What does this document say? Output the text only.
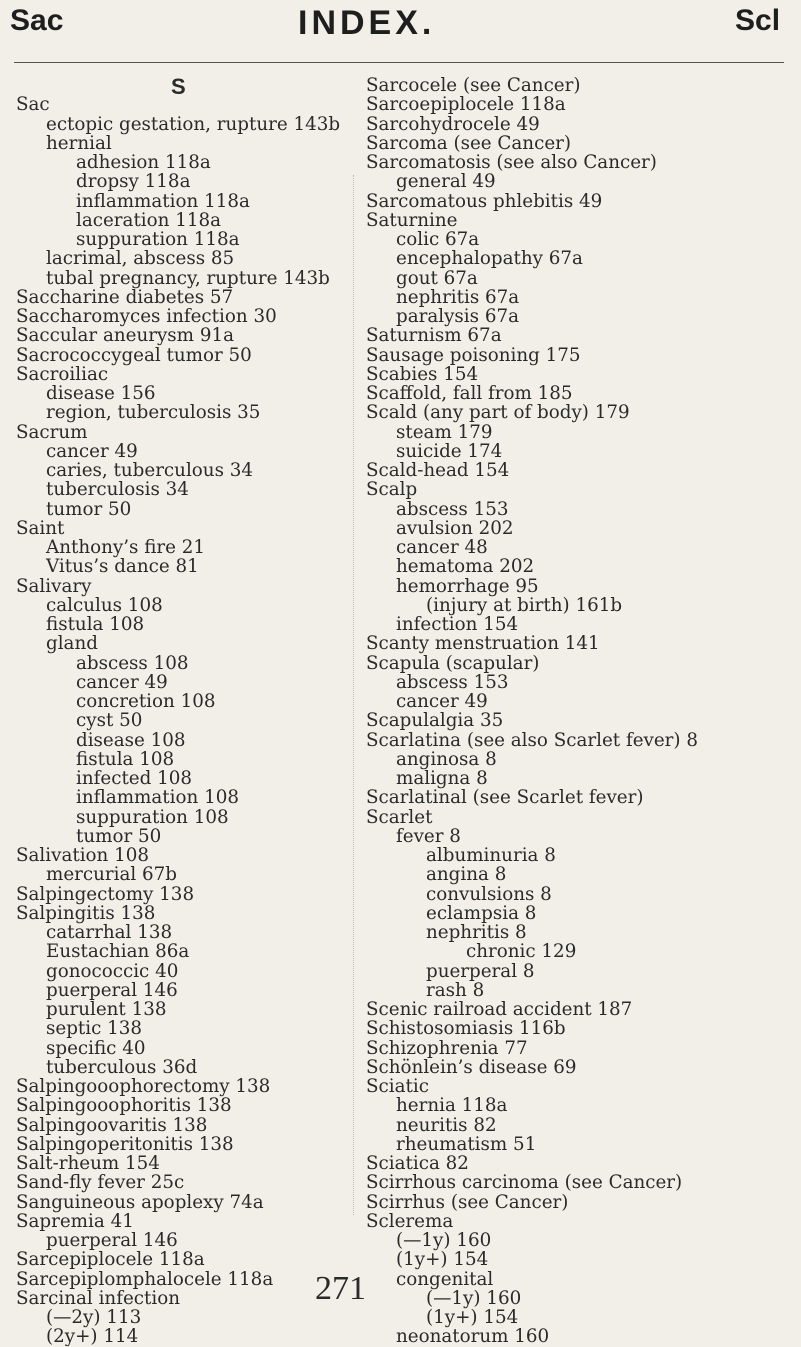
Sac	INDEX.	Scl
S
Sac
ectopic gestation, rupture 143b
hernial
adhesion 118a
dropsy 118a
inflammation 118a
laceration 118a
suppuration 118a
lacrimal, abscess 85
tubal pregnancy, rupture 143b
Saccharine diabetes 57
Saccharomyces infection 30
Saccular aneurysm 91a
Sacrococcygeal tumor 50
Sacroiliac
disease 156
region, tuberculosis 35
Sacrum
cancer 49
caries, tuberculous 34
tuberculosis 34
tumor 50
Saint
Anthony’s fire 21
Vitus’s dance 81
Salivary
calculus 108
fistula 108
gland
abscess 108
cancer 49
concretion 108
cyst 50
disease 108
fistula 108
infected 108
inflammation 108
suppuration 108
tumor 50
Salivation 108
mercurial 67b
Salpingectomy 138
Salpingitis 138
catarrhal 138
Eustachian 86a
gonococcic 40
puerperal 146
purulent 138
septic 138
specific 40
tuberculous 36d
Salpingooophorectomy 138
Salpingooophoritis 138
Salpingoovaritis 138
Salpingoperitonitis 138
Salt-rheum 154
Sand-fly fever 25c
Sanguineous apoplexy 74a
Sapremia 41
puerperal 146
Sarcepiplocele 118a
Sarcepiplomphalocele 118a
Sarcinal infection
(—2y) 113
(2y+) 114
Sarcocele (see Cancer)
Sarcoepiplocele 118a
Sarcohydrocele 49
Sarcoma (see Cancer)
Sarcomatosis (see also Cancer)
general 49
Sarcomatous phlebitis 49
Saturnine
colic 67a
encephalopathy 67a
gout 67a
nephritis 67a
paralysis 67a
Saturnism 67a
Sausage poisoning 175
Scabies 154
Scaffold, fall from 185
Scald (any part of body) 179
steam 179
suicide 174
Scald-head 154
Scalp
abscess 153
avulsion 202
cancer 48
hematoma 202
hemorrhage 95
(injury at birth) 161b
infection 154
Scanty menstruation 141
Scapula (scapular)
abscess 153
cancer 49
Scapulalgia 35
Scarlatina (see also Scarlet fever) 8
anginosa 8
maligna 8
Scarlatinal (see Scarlet fever)
Scarlet
fever 8
albuminuria 8
angina 8
convulsions 8
eclampsia 8
nephritis 8
chronic 129
puerperal 8
rash 8
Scenic railroad accident 187
Schistosomiasis 116b
Schizophrenia 77
Schönlein’s disease 69
Sciatic
hernia 118a
neuritis 82
rheumatism 51
Sciatica 82
Scirrhous carcinoma (see Cancer)
Scirrhus (see Cancer)
Sclerema
(—1y) 160
(1y+) 154
congenital
(—1y) 160
(1y+) 154
neonatorum 160
271
